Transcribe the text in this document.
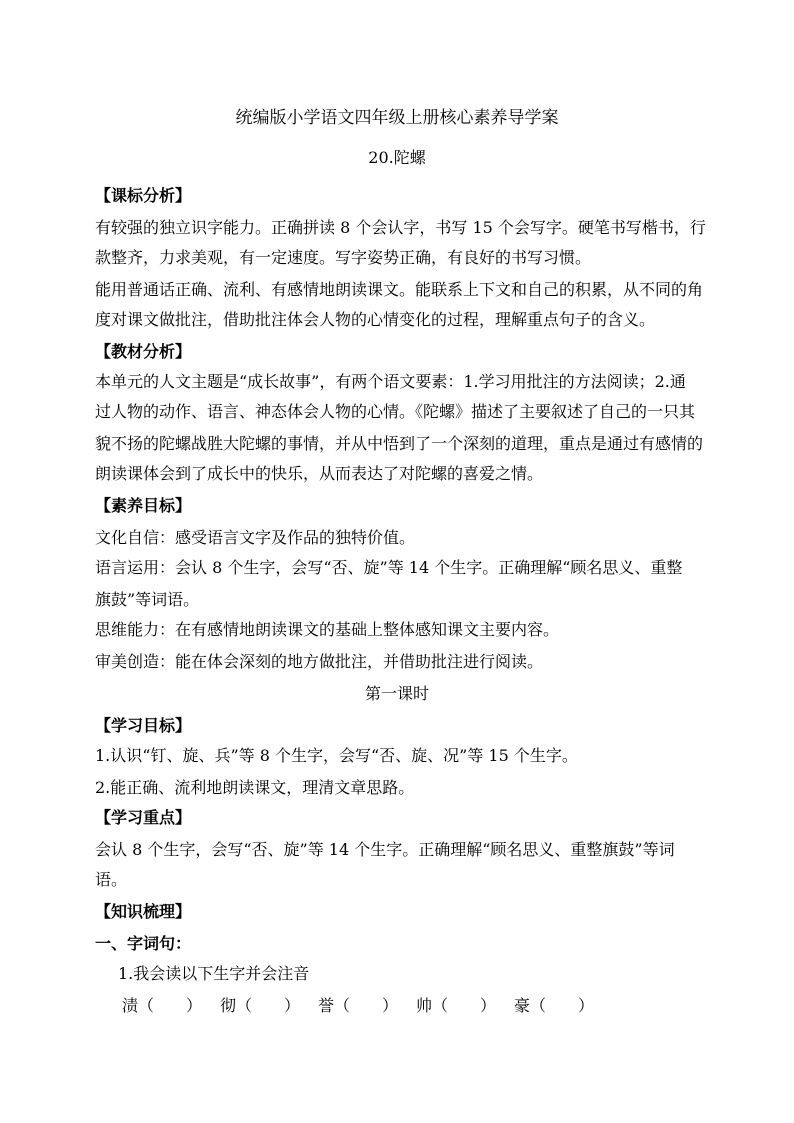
统编版小学语文四年级上册核心素养导学案
20.陀螺
【课标分析】
有较强的独立识字能力。正确拼读 8 个会认字，书写 15 个会写字。硬笔书写楷书，行
款整齐，力求美观，有一定速度。写字姿势正确，有良好的书写习惯。
能用普通话正确、流利、有感情地朗读课文。能联系上下文和自己的积累，从不同的角
度对课文做批注，借助批注体会人物的心情变化的过程，理解重点句子的含义。
【教材分析】
本单元的人文主题是“成长故事”，有两个语文要素：1.学习用批注的方法阅读；2.通
过人物的动作、语言、神态体会人物的心情。《陀螺》描述了主要叙述了自己的一只其
貌不扬的陀螺战胜大陀螺的事情，并从中悟到了一个深刻的道理，重点是通过有感情的
朗读课体会到了成长中的快乐，从而表达了对陀螺的喜爱之情。
【素养目标】
文化自信：感受语言文字及作品的独特价值。
语言运用：会认 8 个生字，会写“否、旋”等 14 个生字。正确理解“顾名思义、重整
旗鼓”等词语。
思维能力：在有感情地朗读课文的基础上整体感知课文主要内容。
审美创造：能在体会深刻的地方做批注，并借助批注进行阅读。
第一课时
【学习目标】
1.认识“钉、旋、兵”等 8 个生字，会写“否、旋、况”等 15 个生字。
2.能正确、流利地朗读课文，理清文章思路。
【学习重点】
会认 8 个生字，会写“否、旋”等 14 个生字。正确理解“顾名思义、重整旗鼓”等词
语。
【知识梳理】
一、字词句：
1.我会读以下生字并会注音
渍（　　）	彻（　　）	誉（　　）	帅（　　）	豪（　　）
